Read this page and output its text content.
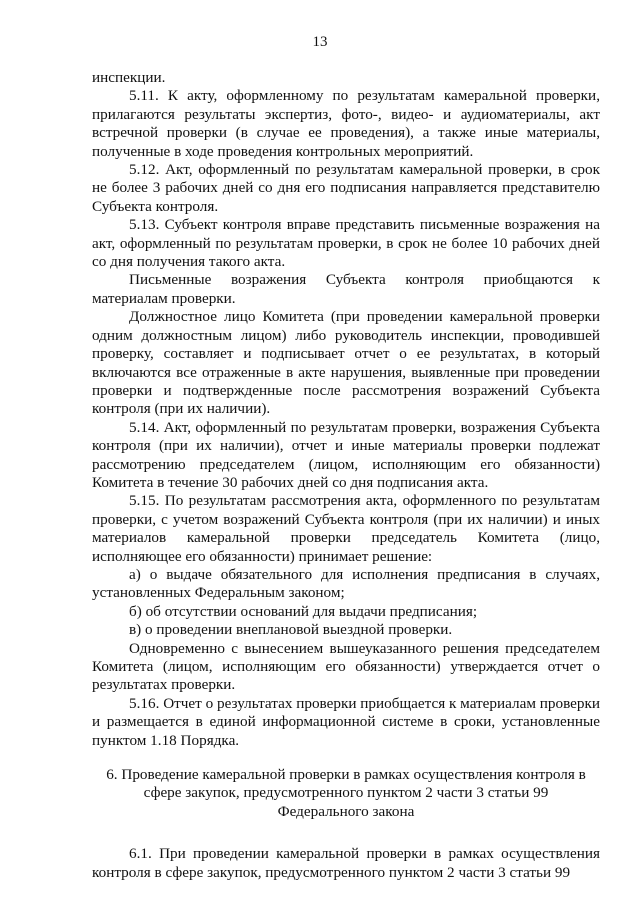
13

инспекции.

5.11. К акту, оформленному по результатам камеральной проверки, прилагаются результаты экспертиз, фото-, видео- и аудиоматериалы, акт встречной проверки (в случае ее проведения), а также иные материалы, полученные в ходе проведения контрольных мероприятий.

5.12. Акт, оформленный по результатам камеральной проверки, в срок не более 3 рабочих дней со дня его подписания направляется представителю Субъекта контроля.

5.13. Субъект контроля вправе представить письменные возражения на акт, оформленный по результатам проверки, в срок не более 10 рабочих дней со дня получения такого акта.

Письменные возражения Субъекта контроля приобщаются к материалам проверки.

Должностное лицо Комитета (при проведении камеральной проверки одним должностным лицом) либо руководитель инспекции, проводившей проверку, составляет и подписывает отчет о ее результатах, в который включаются все отраженные в акте нарушения, выявленные при проведении проверки и подтвержденные после рассмотрения возражений Субъекта контроля (при их наличии).

5.14. Акт, оформленный по результатам проверки, возражения Субъекта контроля (при их наличии), отчет и иные материалы проверки подлежат рассмотрению председателем (лицом, исполняющим его обязанности) Комитета в течение 30 рабочих дней со дня подписания акта.

5.15. По результатам рассмотрения акта, оформленного по результатам проверки, с учетом возражений Субъекта контроля (при их наличии) и иных материалов камеральной проверки председатель Комитета (лицо, исполняющее его обязанности) принимает решение:

а) о выдаче обязательного для исполнения предписания в случаях, установленных Федеральным законом;

б) об отсутствии оснований для выдачи предписания;

в) о проведении внеплановой выездной проверки.

Одновременно с вынесением вышеуказанного решения председателем Комитета (лицом, исполняющим его обязанности) утверждается отчет о результатах проверки.

5.16. Отчет о результатах проверки приобщается к материалам проверки и размещается в единой информационной системе в сроки, установленные пунктом 1.18 Порядка.

6. Проведение камеральной проверки в рамках осуществления контроля в
сфере закупок, предусмотренного пунктом 2 части 3 статьи 99
Федерального закона

6.1. При проведении камеральной проверки в рамках осуществления контроля в сфере закупок, предусмотренного пунктом 2 части 3 статьи 99
